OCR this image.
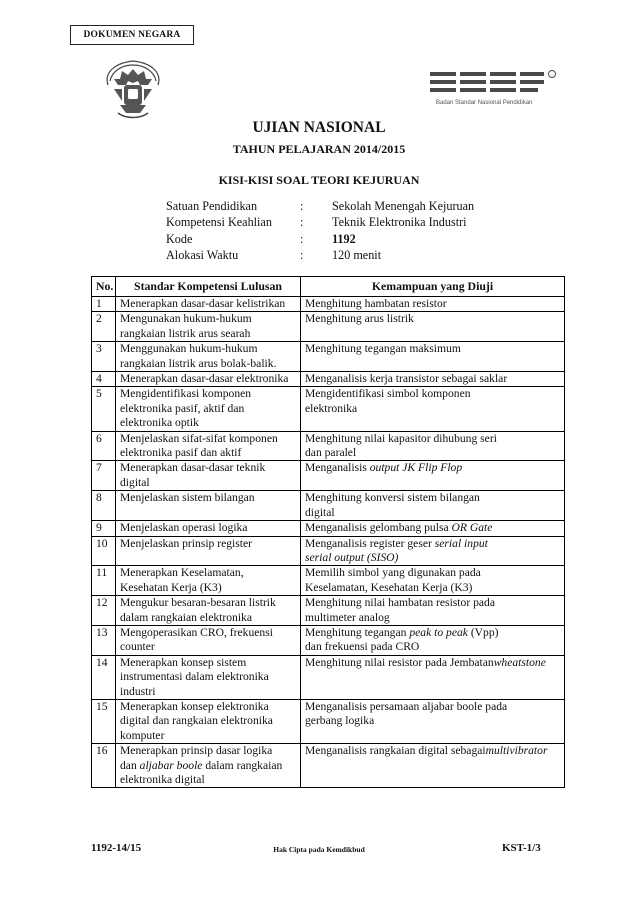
DOKUMEN NEGARA
Badan Standar Nasional Pendidikan
UJIAN NASIONAL
TAHUN PELAJARAN 2014/2015
KISI-KISI SOAL TEORI KEJURUAN
Satuan Pendidikan	:	Sekolah Menengah Kejuruan
Kompetensi Keahlian	:	Teknik Elektronika Industri
Kode	:	1192
Alokasi Waktu	:	120 menit
No.	Standar Kompetensi Lulusan	Kemampuan yang Diuji
1	Menerapkan dasar-dasar kelistrikan	Menghitung hambatan resistor
2	Mengunakan hukum-hukum
rangkaian listrik arus searah	Menghitung arus listrik
3	Menggunakan hukum-hukum
rangkaian listrik arus bolak-balik.	Menghitung tegangan maksimum
4	Menerapkan dasar-dasar elektronika	Menganalisis kerja transistor sebagai saklar
5	Mengidentifikasi komponen
elektronika pasif, aktif dan
elektronika optik	Mengidentifikasi simbol komponen
elektronika
6	Menjelaskan sifat-sifat komponen
elektronika pasif dan aktif	Menghitung nilai kapasitor dihubung seri
dan paralel
7	Menerapkan dasar-dasar teknik
digital	Menganalisis output JK Flip Flop
8	Menjelaskan sistem bilangan	Menghitung konversi sistem bilangan
digital
9	Menjelaskan operasi logika	Menganalisis gelombang pulsa OR Gate
10	Menjelaskan prinsip register	Menganalisis register geser serial input
serial output (SISO)
11	Menerapkan Keselamatan,
Kesehatan Kerja (K3)	Memilih simbol yang digunakan pada
Keselamatan, Kesehatan Kerja (K3)
12	Mengukur besaran-besaran listrik
dalam rangkaian elektronika	Menghitung nilai hambatan resistor pada
multimeter analog
13	Mengoperasikan CRO, frekuensi
counter	Menghitung tegangan peak to peak (Vpp)
dan frekuensi pada CRO
14	Menerapkan konsep sistem
instrumentasi dalam elektronika
industri	Menghitung nilai resistor pada Jembatanwheatstone
15	Menerapkan konsep elektronika
digital dan rangkaian elektronika
komputer	Menganalisis persamaan aljabar boole pada
gerbang logika
16	Menerapkan prinsip dasar logika
dan aljabar boole dalam rangkaian
elektronika digital	Menganalisis rangkaian digital sebagaimultivibrator
1192-14/15	Hak Cipta pada Kemdikbud	KST-1/3
